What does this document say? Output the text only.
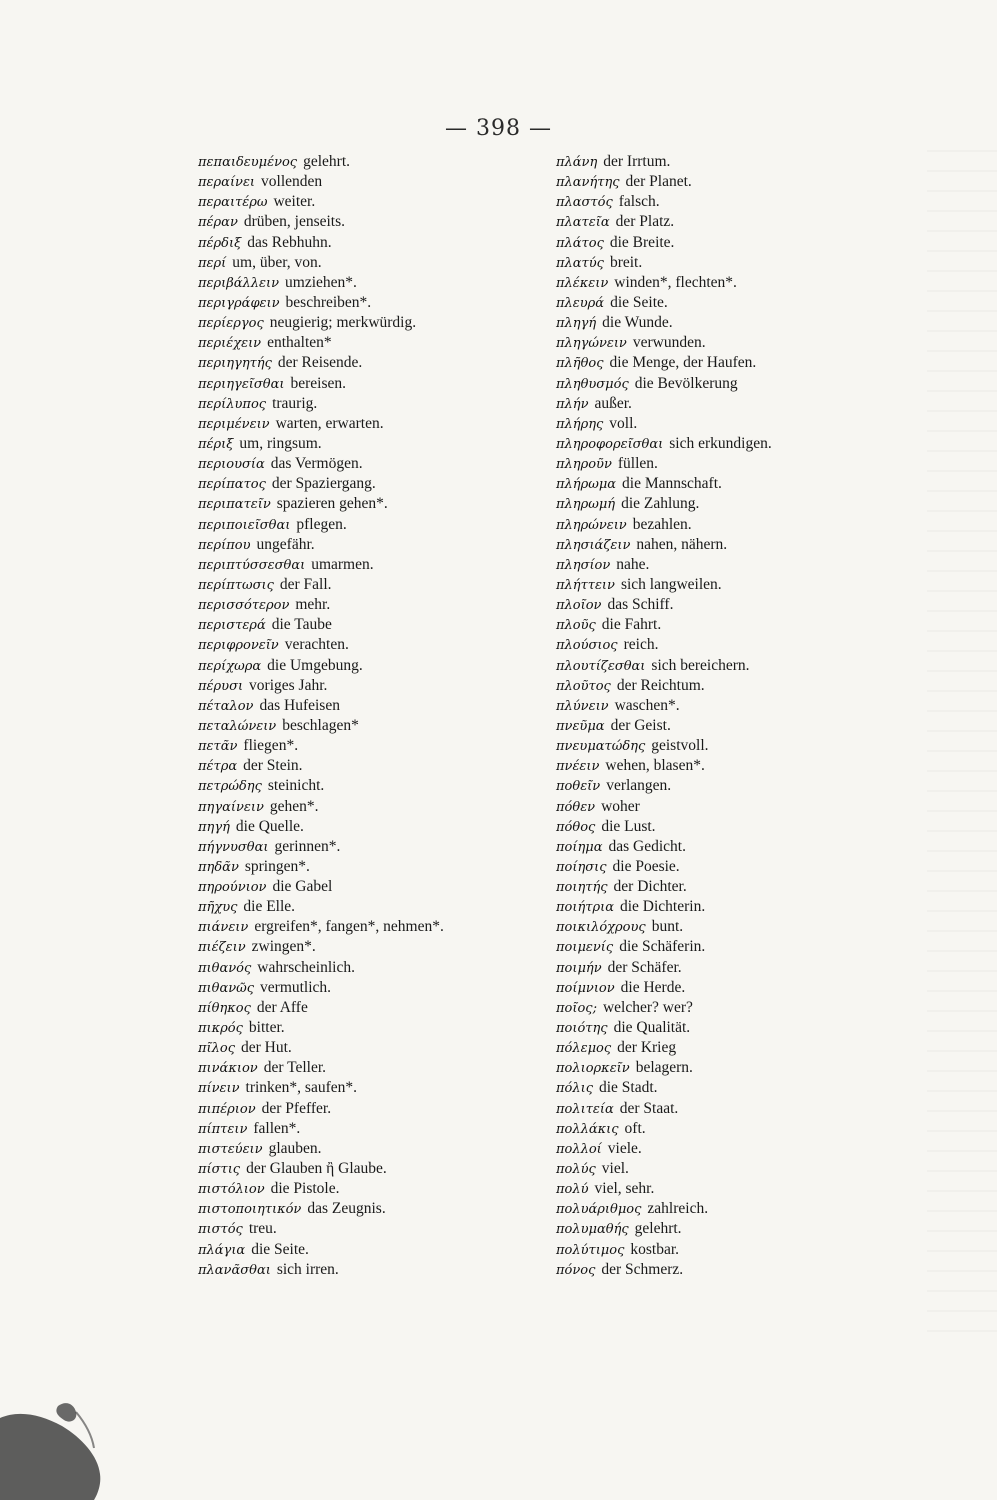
— 398 —
πεπαιδευμένος gelehrt.
περαίνει vollenden
περαιτέρω weiter.
πέραν drüben, jenseits.
πέρδιξ das Rebhuhn.
περί um, über, von.
περιβάλλειν umziehen*.
περιγράφειν beschreiben*.
περίεργος neugierig; merkwürdig.
περιέχειν enthalten*
περιηγητής der Reisende.
περιηγεῖσθαι bereisen.
περίλυπος traurig.
περιμένειν warten, erwarten.
πέριξ um, ringsum.
περιουσία das Vermögen.
περίπατος der Spaziergang.
περιπατεῖν spazieren gehen*.
περιποιεῖσθαι pflegen.
περίπου ungefähr.
περιπτύσσεσθαι umarmen.
περίπτωσις der Fall.
περισσότερον mehr.
περιστερά die Taube
περιφρονεῖν verachten.
περίχωρα die Umgebung.
πέρυσι voriges Jahr.
πέταλον das Hufeisen
πεταλώνειν beschlagen*
πετᾶν fliegen*.
πέτρα der Stein.
πετρώδης steinicht.
πηγαίνειν gehen*.
πηγή die Quelle.
πήγνυσθαι gerinnen*.
πηδᾶν springen*.
πηρούνιον die Gabel
πῆχυς die Elle.
πιάνειν ergreifen*, fangen*, nehmen*.
πιέζειν zwingen*.
πιθανός wahrscheinlich.
πιθανῶς vermutlich.
πίθηκος der Affe
πικρός bitter.
πῖλος der Hut.
πινάκιον der Teller.
πίνειν trinken*, saufen*.
πιπέριον der Pfeffer.
πίπτειν fallen*.
πιστεύειν glauben.
πίστις der Glauben ἢ Glaube.
πιστόλιον die Pistole.
πιστοποιητικόν das Zeugnis.
πιστός treu.
πλάγια die Seite.
πλανᾶσθαι sich irren.
πλάνη der Irrtum.
πλανήτης der Planet.
πλαστός falsch.
πλατεῖα der Platz.
πλάτος die Breite.
πλατύς breit.
πλέκειν winden*, flechten*.
πλευρά die Seite.
πληγή die Wunde.
πληγώνειν verwunden.
πλῆθος die Menge, der Haufen.
πληθυσμός die Bevölkerung
πλήν außer.
πλήρης voll.
πληροφορεῖσθαι sich erkundigen.
πληροῦν füllen.
πλήρωμα die Mannschaft.
πληρωμή die Zahlung.
πληρώνειν bezahlen.
πλησιάζειν nahen, nähern.
πλησίον nahe.
πλήττειν sich langweilen.
πλοῖον das Schiff.
πλοῦς die Fahrt.
πλούσιος reich.
πλουτίζεσθαι sich bereichern.
πλοῦτος der Reichtum.
πλύνειν waschen*.
πνεῦμα der Geist.
πνευματώδης geistvoll.
πνέειν wehen, blasen*.
ποθεῖν verlangen.
πόθεν woher
πόθος die Lust.
ποίημα das Gedicht.
ποίησις die Poesie.
ποιητής der Dichter.
ποιήτρια die Dichterin.
ποικιλόχρους bunt.
ποιμενίς die Schäferin.
ποιμήν der Schäfer.
ποίμνιον die Herde.
ποῖος; welcher? wer?
ποιότης die Qualität.
πόλεμος der Krieg
πολιορκεῖν belagern.
πόλις die Stadt.
πολιτεία der Staat.
πολλάκις oft.
πολλοί viele.
πολύς viel.
πολύ viel, sehr.
πολυάριθμος zahlreich.
πολυμαθής gelehrt.
πολύτιμος kostbar.
πόνος der Schmerz.
